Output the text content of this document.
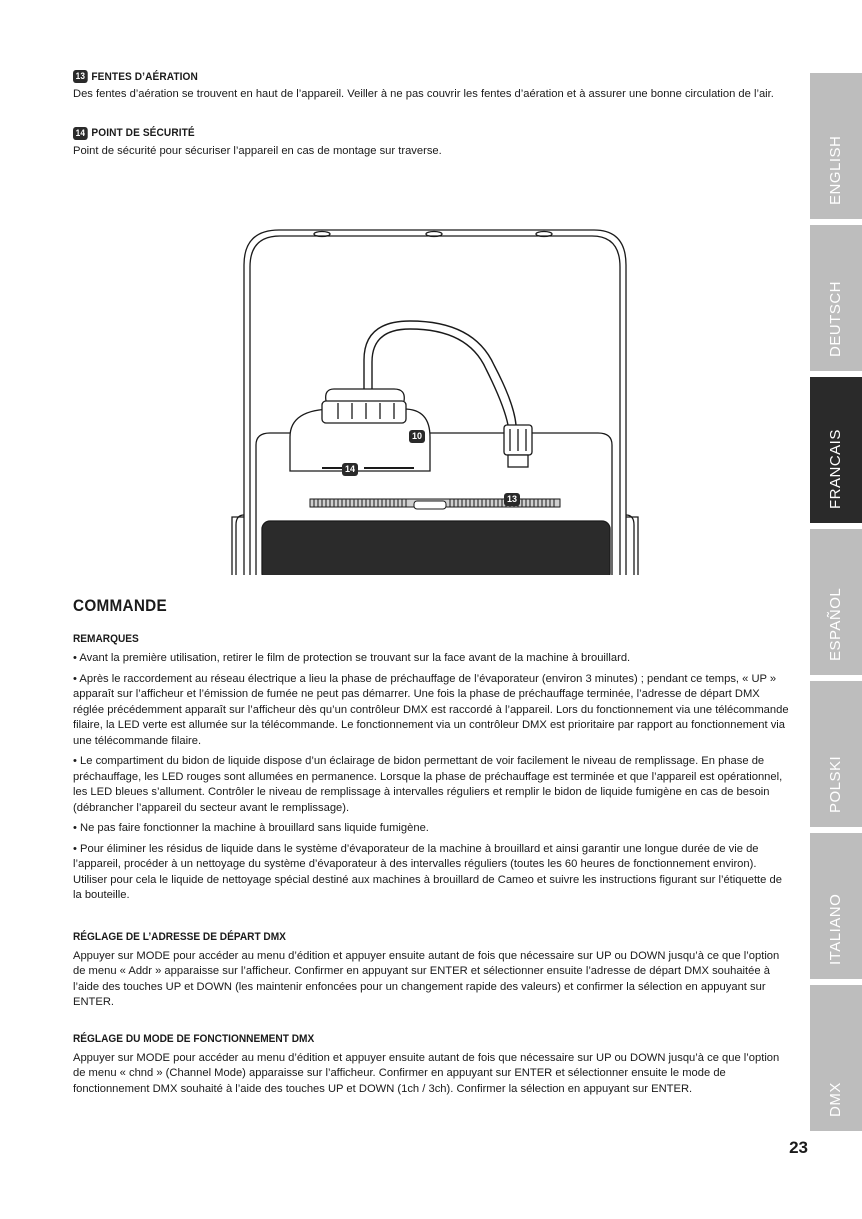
13 FENTES D’AÉRATION

Des fentes d’aération se trouvent en haut de l’appareil. Veiller à ne pas couvrir les fentes d’aération et à assurer une bonne circulation de l’air.

14 POINT DE SÉCURITÉ

Point de sécurité pour sécuriser l’appareil en cas de montage sur traverse.

10
14
13
COMMANDE
REMARQUES

• Avant la première utilisation, retirer le film de protection se trouvant sur la face avant de la machine à brouillard.

• Après le raccordement au réseau électrique a lieu la phase de préchauffage de l’évaporateur (environ 3 minutes) ; pendant ce temps, « UP » apparaît sur l’afficheur et l’émission de fumée ne peut pas démarrer. Une fois la phase de préchauffage terminée, l’adresse de départ DMX réglée précédemment apparaît sur l’afficheur dès qu’un contrôleur DMX est raccordé à l’appareil. Lors du fonctionnement via une télécommande filaire, la LED verte est allumée sur la télécommande. Le fonctionnement via un contrôleur DMX est prioritaire par rapport au fonctionnement via une télécommande filaire.

• Le compartiment du bidon de liquide dispose d’un éclairage de bidon permettant de voir facilement le niveau de remplissage. En phase de préchauffage, les LED rouges sont allumées en permanence. Lorsque la phase de préchauffage est terminée et que l’appareil est opérationnel, les LED bleues s’allument. Contrôler le niveau de remplissage à intervalles réguliers et remplir le bidon de liquide fumigène en cas de besoin (débrancher l’appareil du secteur avant le remplissage).

• Ne pas faire fonctionner la machine à brouillard sans liquide fumigène.

• Pour éliminer les résidus de liquide dans le système d’évaporateur de la machine à brouillard et ainsi garantir une longue durée de vie de l’appareil, procéder à un nettoyage du système d’évaporateur à des intervalles réguliers (toutes les 60 heures de fonctionnement environ). Utiliser pour cela le liquide de nettoyage spécial destiné aux machines à brouillard de Cameo et suivre les instructions figurant sur l’étiquette de la bouteille.

RÉGLAGE DE L’ADRESSE DE DÉPART DMX

Appuyer sur MODE pour accéder au menu d’édition et appuyer ensuite autant de fois que nécessaire sur UP ou DOWN jusqu’à ce que l’option de menu « Addr » apparaisse sur l’afficheur. Confirmer en appuyant sur ENTER et sélectionner ensuite l’adresse de départ DMX souhaitée à l’aide des touches UP et DOWN (les maintenir enfoncées pour un changement rapide des valeurs) et confirmer la sélection en appuyant sur ENTER.

RÉGLAGE DU MODE DE FONCTIONNEMENT DMX

Appuyer sur MODE pour accéder au menu d’édition et appuyer ensuite autant de fois que nécessaire sur UP ou DOWN jusqu’à ce que l’option de menu « chnd » (Channel Mode) apparaisse sur l’afficheur. Confirmer en appuyant sur ENTER et sélectionner ensuite le mode de fonctionnement DMX souhaité à l’aide des touches UP et DOWN (1ch / 3ch). Confirmer la sélection en appuyant sur ENTER.

ENGLISH
DEUTSCH
FRANCAIS
ESPAÑOL
POLSKI
ITALIANO
DMX
23
